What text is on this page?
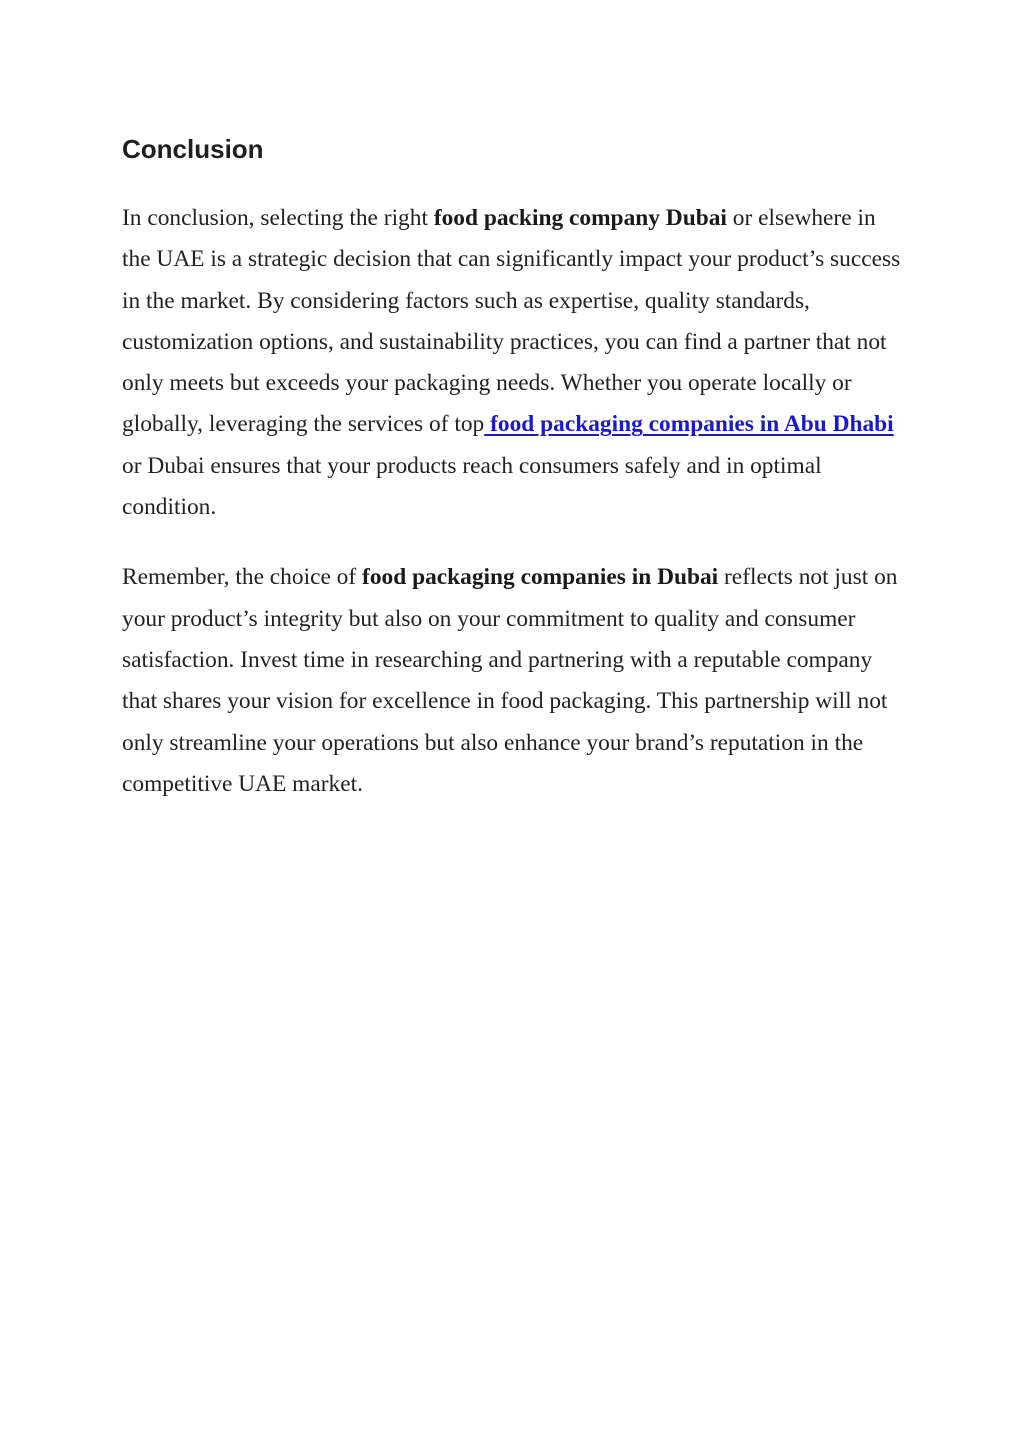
Conclusion

In conclusion, selecting the right food packing company Dubai or elsewhere in the UAE is a strategic decision that can significantly impact your product’s success in the market. By considering factors such as expertise, quality standards, customization options, and sustainability practices, you can find a partner that not only meets but exceeds your packaging needs. Whether you operate locally or globally, leveraging the services of top food packaging companies in Abu Dhabi or Dubai ensures that your products reach consumers safely and in optimal condition.

Remember, the choice of food packaging companies in Dubai reflects not just on your product’s integrity but also on your commitment to quality and consumer satisfaction. Invest time in researching and partnering with a reputable company that shares your vision for excellence in food packaging. This partnership will not only streamline your operations but also enhance your brand’s reputation in the competitive UAE market.
